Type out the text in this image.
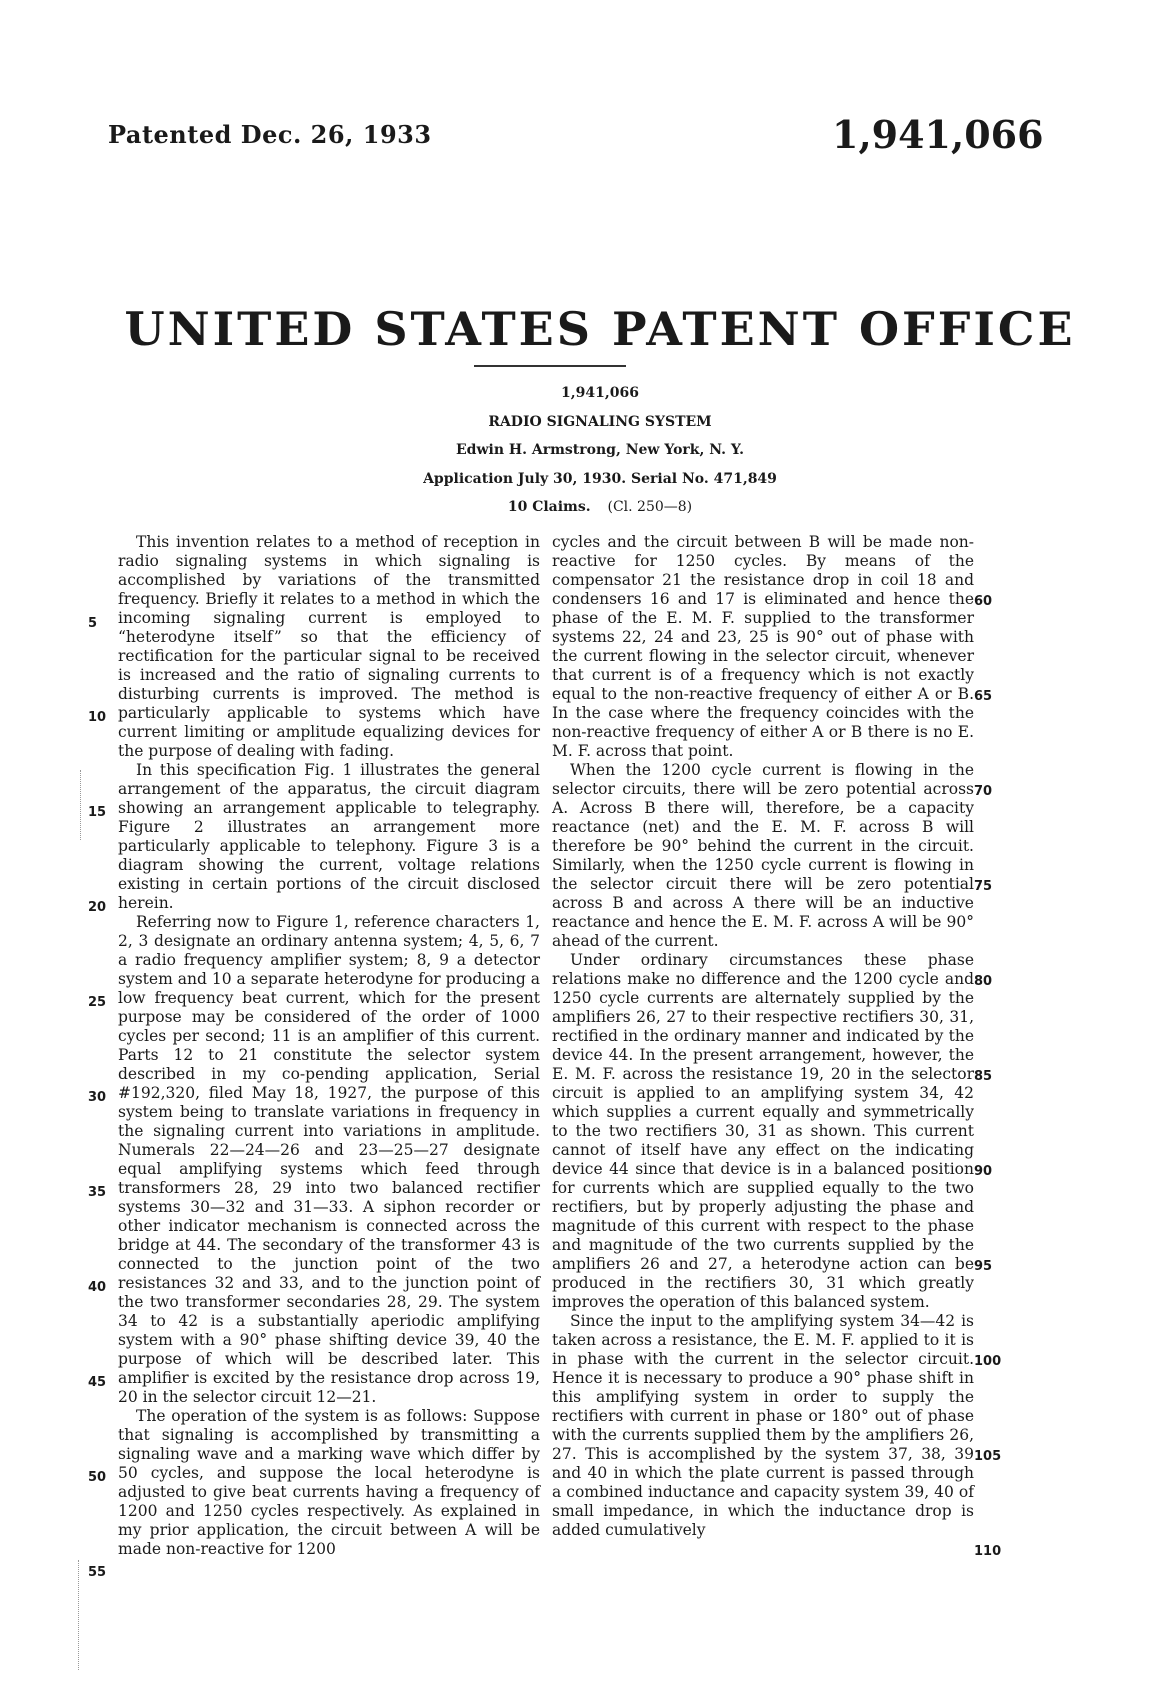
Patented Dec. 26, 1933	1,941,066
UNITED STATES PATENT OFFICE
1,941,066
RADIO SIGNALING SYSTEM
Edwin H. Armstrong, New York, N. Y.
Application July 30, 1930. Serial No. 471,849
10 Claims. (Cl. 250—8)

This invention relates to a method of reception in radio signaling systems in which signaling is accomplished by variations of the transmitted frequency. Briefly it relates to a method in which the incoming signaling current is employed to “heterodyne itself” so that the efficiency of rectification for the particular signal to be received is increased and the ratio of signaling currents to disturbing currents is improved. The method is particularly applicable to systems which have current limiting or amplitude equalizing devices for the purpose of dealing with fading.

In this specification Fig. 1 illustrates the general arrangement of the apparatus, the circuit diagram showing an arrangement applicable to telegraphy. Figure 2 illustrates an arrangement more particularly applicable to telephony. Figure 3 is a diagram showing the current, voltage relations existing in certain portions of the circuit disclosed herein.

Referring now to Figure 1, reference characters 1, 2, 3 designate an ordinary antenna system; 4, 5, 6, 7 a radio frequency amplifier system; 8, 9 a detector system and 10 a separate heterodyne for producing a low frequency beat current, which for the present purpose may be considered of the order of 1000 cycles per second; 11 is an amplifier of this current. Parts 12 to 21 constitute the selector system described in my co-pending application, Serial #192,320, filed May 18, 1927, the purpose of this system being to translate variations in frequency in the signaling current into variations in amplitude. Numerals 22—24—26 and 23—25—27 designate equal amplifying systems which feed through transformers 28, 29 into two balanced rectifier systems 30—32 and 31—33. A siphon recorder or other indicator mechanism is connected across the bridge at 44. The secondary of the transformer 43 is connected to the junction point of the two resistances 32 and 33, and to the junction point of the two transformer secondaries 28, 29. The system 34 to 42 is a substantially aperiodic amplifying system with a 90° phase shifting device 39, 40 the purpose of which will be described later. This amplifier is excited by the resistance drop across 19, 20 in the selector circuit 12—21.

The operation of the system is as follows: Suppose that signaling is accomplished by transmitting a signaling wave and a marking wave which differ by 50 cycles, and suppose the local heterodyne is adjusted to give beat currents having a frequency of 1200 and 1250 cycles respectively. As explained in my prior application, the circuit between A will be made non-reactive for 1200

cycles and the circuit between B will be made non-reactive for 1250 cycles. By means of the compensator 21 the resistance drop in coil 18 and condensers 16 and 17 is eliminated and hence the phase of the E. M. F. supplied to the transformer systems 22, 24 and 23, 25 is 90° out of phase with the current flowing in the selector circuit, whenever that current is of a frequency which is not exactly equal to the non-reactive frequency of either A or B. In the case where the frequency coincides with the non-reactive frequency of either A or B there is no E. M. F. across that point.

When the 1200 cycle current is flowing in the selector circuits, there will be zero potential across A. Across B there will, therefore, be a capacity reactance (net) and the E. M. F. across B will therefore be 90° behind the current in the circuit. Similarly, when the 1250 cycle current is flowing in the selector circuit there will be zero potential across B and across A there will be an inductive reactance and hence the E. M. F. across A will be 90° ahead of the current.

Under ordinary circumstances these phase relations make no difference and the 1200 cycle and 1250 cycle currents are alternately supplied by the amplifiers 26, 27 to their respective rectifiers 30, 31, rectified in the ordinary manner and indicated by the device 44. In the present arrangement, however, the E. M. F. across the resistance 19, 20 in the selector circuit is applied to an amplifying system 34, 42 which supplies a current equally and symmetrically to the two rectifiers 30, 31 as shown. This current cannot of itself have any effect on the indicating device 44 since that device is in a balanced position for currents which are supplied equally to the two rectifiers, but by properly adjusting the phase and magnitude of this current with respect to the phase and magnitude of the two currents supplied by the amplifiers 26 and 27, a heterodyne action can be produced in the rectifiers 30, 31 which greatly improves the operation of this balanced system.

Since the input to the amplifying system 34—42 is taken across a resistance, the E. M. F. applied to it is in phase with the current in the selector circuit. Hence it is necessary to produce a 90° phase shift in this amplifying system in order to supply the rectifiers with current in phase or 180° out of phase with the currents supplied them by the amplifiers 26, 27. This is accomplished by the system 37, 38, 39 and 40 in which the plate current is passed through a combined inductance and capacity system 39, 40 of small impedance, in which the inductance drop is added cumulatively

5
10
15
20
25
30
35
40
45
50
55
60
65
70
75
80
85
90
95
100
105
110
